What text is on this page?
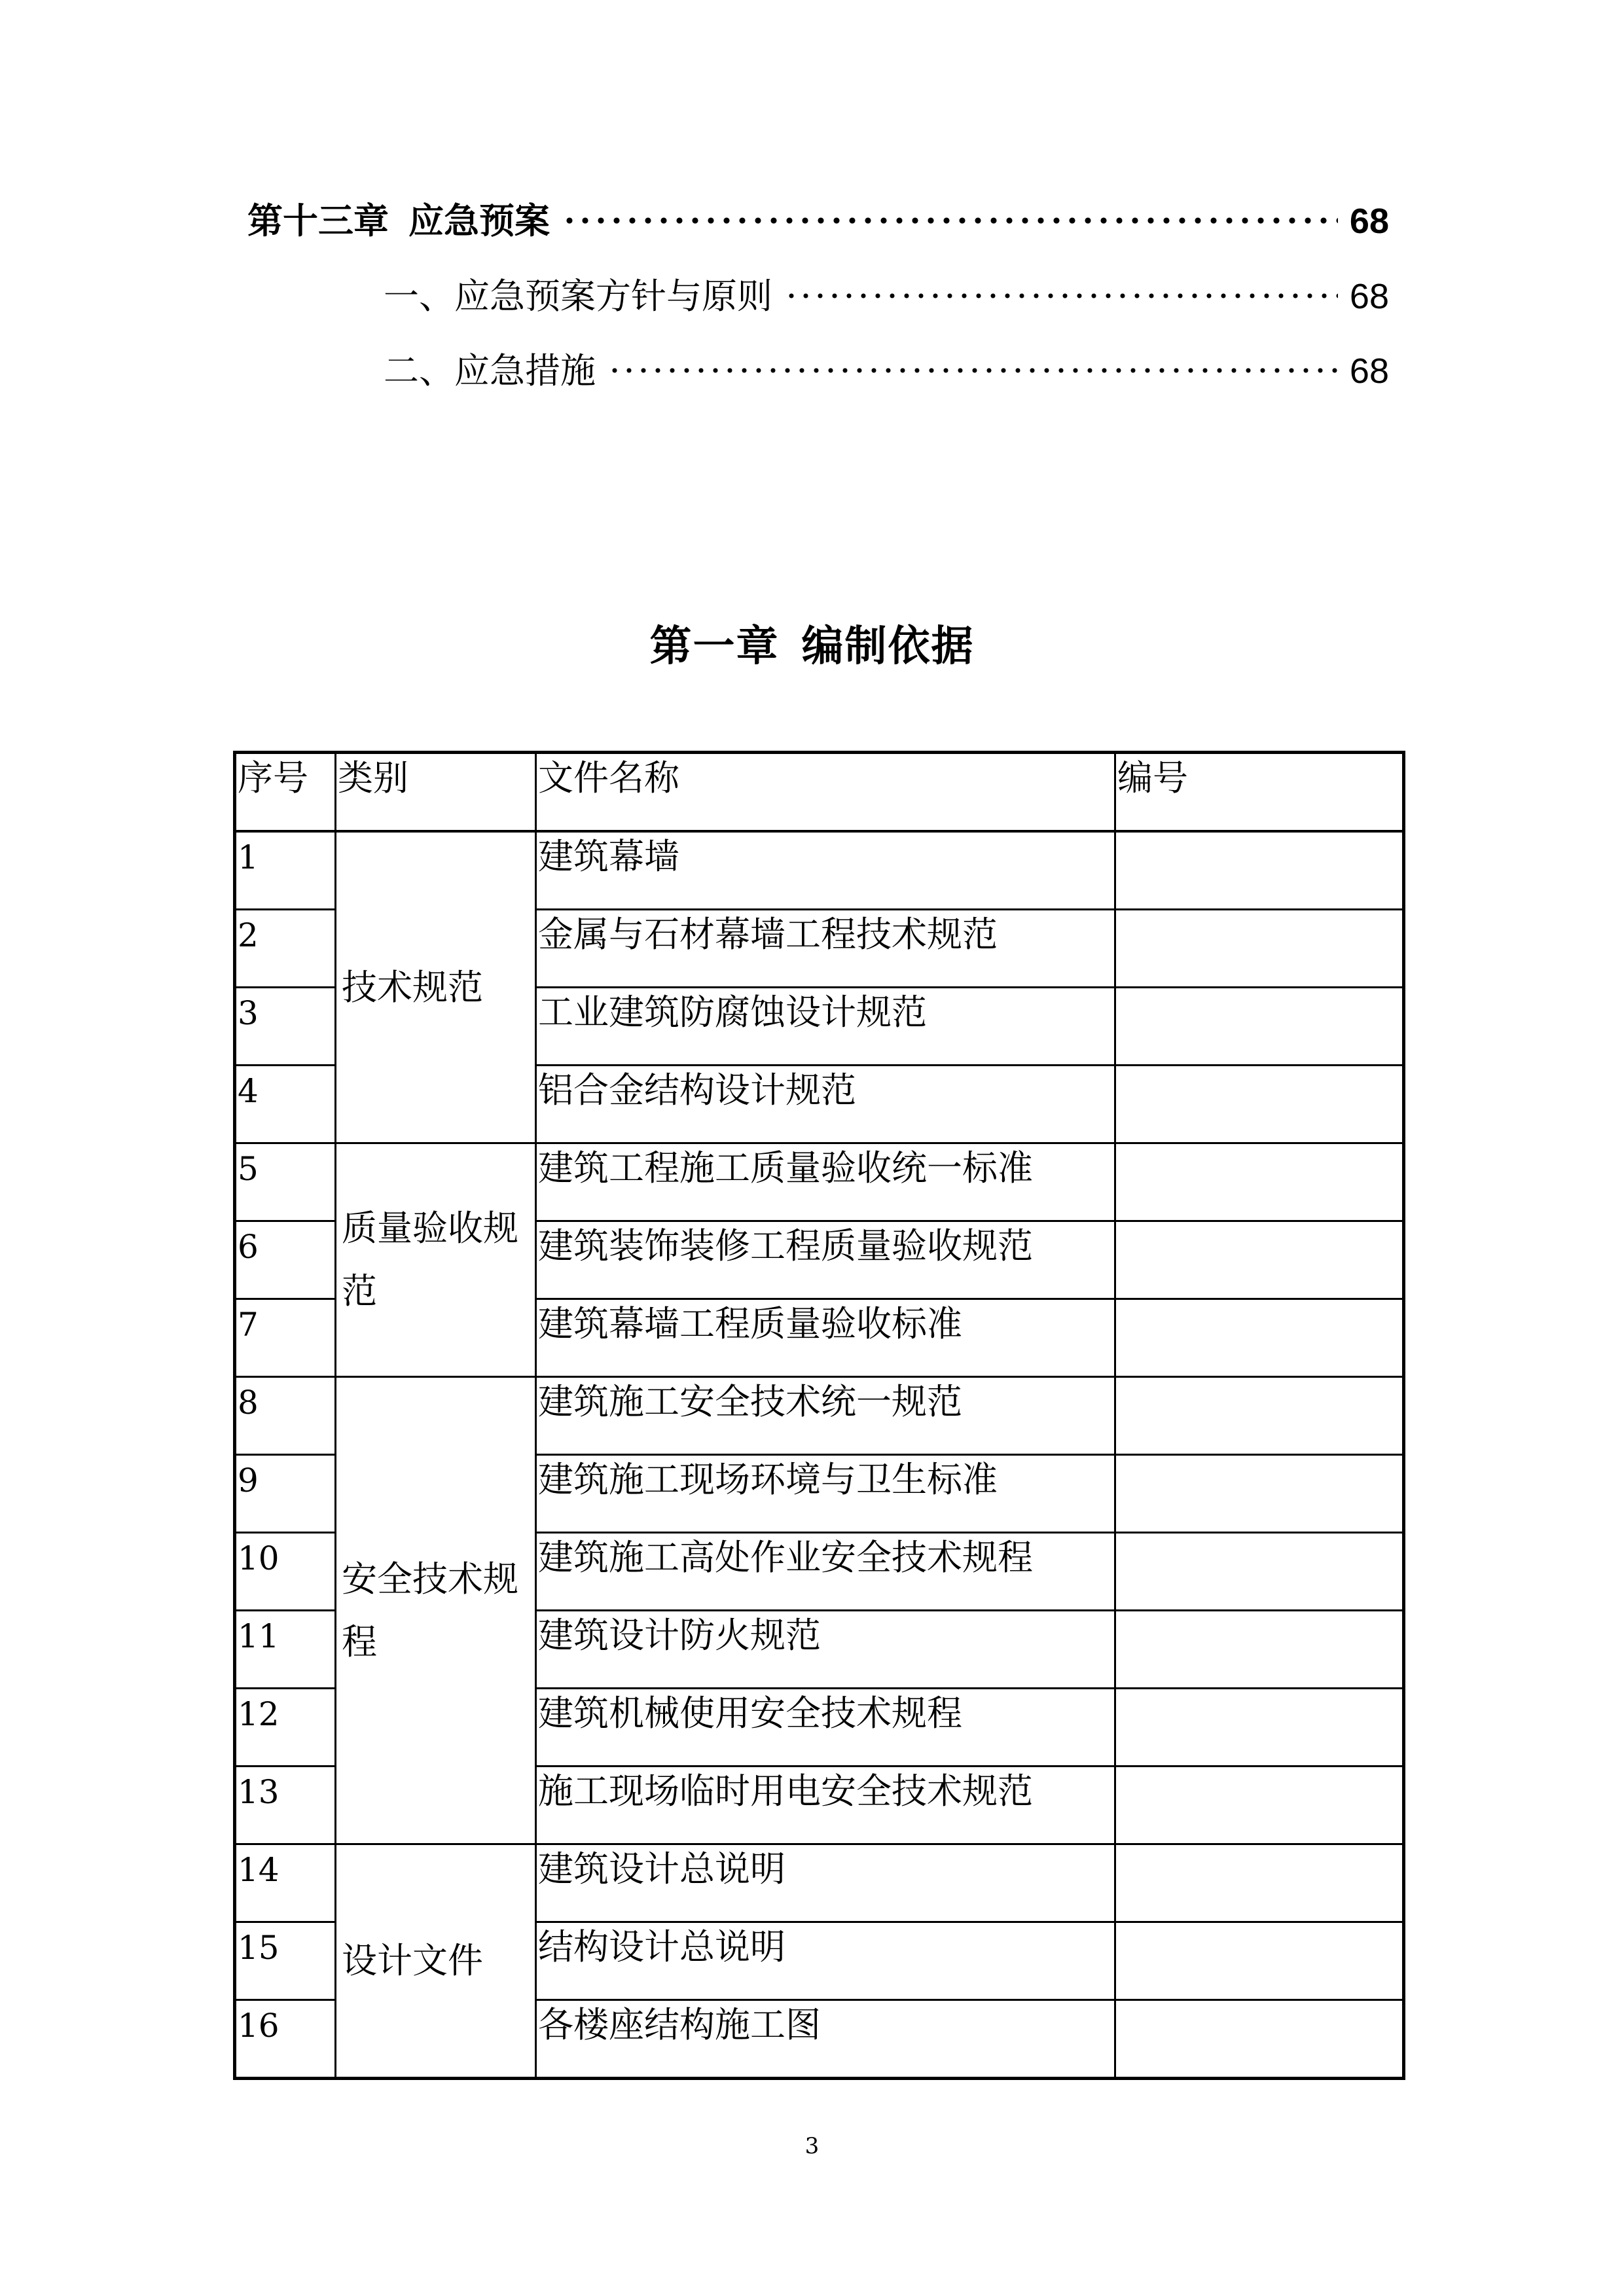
第十三章 应急预案	68
一、应急预案方针与原则	68
二、应急措施	68
第一章 编制依据
序号	类别	文件名称	编号
1	技术规范	建筑幕墙	
2		金属与石材幕墙工程技术规范	
3		工业建筑防腐蚀设计规范	
4		铝合金结构设计规范	
5	质量验收规范	建筑工程施工质量验收统一标准	
6		建筑装饰装修工程质量验收规范	
7		建筑幕墙工程质量验收标准	
8	安全技术规程	建筑施工安全技术统一规范	
9		建筑施工现场环境与卫生标准	
10		建筑施工高处作业安全技术规程	
11		建筑设计防火规范	
12		建筑机械使用安全技术规程	
13		施工现场临时用电安全技术规范	
14	设计文件	建筑设计总说明	
15		结构设计总说明	
16		各楼座结构施工图	
3
